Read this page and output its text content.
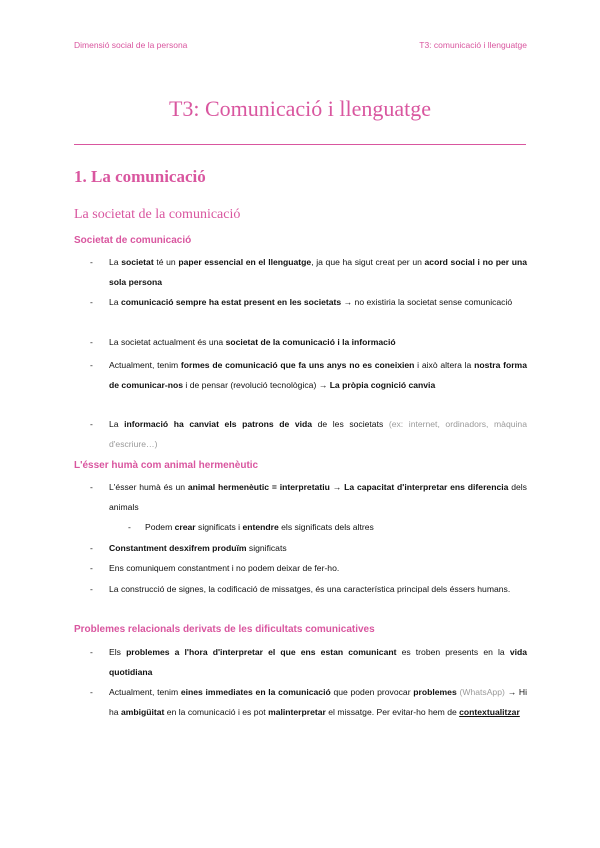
Dimensió social de la persona	T3: comunicació i llenguatge
T3: Comunicació i llenguatge
1. La comunicació
La societat de la comunicació
Societat de comunicació
- La societat té un paper essencial en el llenguatge, ja que ha sigut creat per un acord social i no per una sola persona
- La comunicació sempre ha estat present en les societats → no existiria la societat sense comunicació
- La societat actualment és una societat de la comunicació i la informació
- Actualment, tenim formes de comunicació que fa uns anys no es coneixien i això altera la nostra forma de comunicar-nos i de pensar (revolució tecnològica) → La pròpia cognició canvia
- La informació ha canviat els patrons de vida de les societats (ex: internet, ordinadors, màquina d'escriure…)
L'ésser humà com animal hermenèutic
- L'ésser humà és un animal hermenèutic = interpretatiu → La capacitat d'interpretar ens diferencia dels animals
- Podem crear significats i entendre els significats dels altres
- Constantment desxifrem produïm significats
- Ens comuniquem constantment i no podem deixar de fer-ho.
- La construcció de signes, la codificació de missatges, és una característica principal dels éssers humans.
Problemes relacionals derivats de les dificultats comunicatives
- Els problemes a l'hora d'interpretar el que ens estan comunicant es troben presents en la vida quotidiana
- Actualment, tenim eines immediates en la comunicació que poden provocar problemes (WhatsApp) → Hi ha ambigüitat en la comunicació i es pot malinterpretar el missatge. Per evitar-ho hem de contextualitzar
